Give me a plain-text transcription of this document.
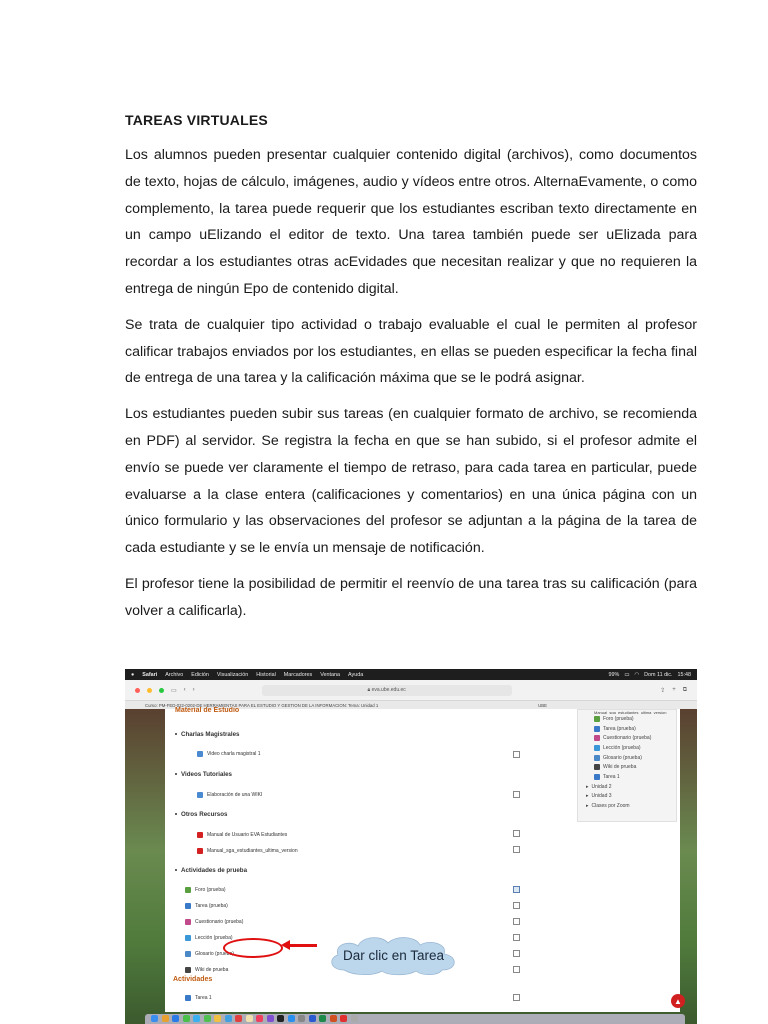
TAREAS VIRTUALES

Los alumnos pueden presentar cualquier contenido digital (archivos), como documentos de texto, hojas de cálculo, imágenes, audio y vídeos entre otros. AlternaEvamente, o como complemento, la tarea puede requerir que los estudiantes escriban texto directamente en un campo uElizando el editor de texto. Una tarea también puede ser uElizada para recordar a los estudiantes otras acEvidades que necesitan realizar y que no requieren la entrega de ningún Epo de contenido digital.

Se trata de cualquier tipo actividad o trabajo evaluable el cual le permiten al profesor calificar trabajos enviados por los estudiantes, en ellas se pueden especificar la fecha final de entrega de una tarea y la calificación máxima que se le podrá asignar.

Los estudiantes pueden subir sus tareas (en cualquier formato de archivo, se recomienda en PDF) al servidor. Se registra la fecha en que se han subido, si el profesor admite el envío se puede ver claramente el tiempo de retraso, para cada tarea en particular, puede evaluarse a la clase entera (calificaciones y comentarios) en una única página con un único formulario y las observaciones del profesor se adjuntan a la página de la tarea de cada estudiante y se le envía un mensaje de notificación.

El profesor tiene la posibilidad de permitir el reenvío de una tarea tras su calificación (para volver a calificarla).

● Safari Archivo Edición Visualización Historial Marcadores Ventana Ayuda	99% ▭ ◠ Dom 11 dic. 15:48
▭ ‹ ›	🔒︎ eva.ube.edu.ec	⇪ + ⧉
Curso: PM-FED-022-0202-DE HERRAMIENTAS PARA EL ESTUDIO Y GESTION DE LA INFORMACION: Tema: Unidad 1	UBE
Material de Estudio
Charlas Magistrales
Video charla magistral 1
Videos Tutoriales
Elaboración de una WIKI
Otros Recursos
Manual de Usuario EVA Estudiantes
Manual_sga_estudiantes_ultima_version
Actividades de prueba
Foro (prueba)
Tarea (prueba)
Cuestionario (prueba)
Lección (prueba)
Glosario (prueba)
Wiki de prueba
Actividades
Tarea 1
Dar clic en Tarea
Manual_sga_estudiantes_ultima_version
Foro (prueba)
Tarea (prueba)
Cuestionario (prueba)
Lección (prueba)
Glosario (prueba)
Wiki de prueba
Tarea 1
▸ Unidad 2
▸ Unidad 3
▸ Clases por Zoom
▲
